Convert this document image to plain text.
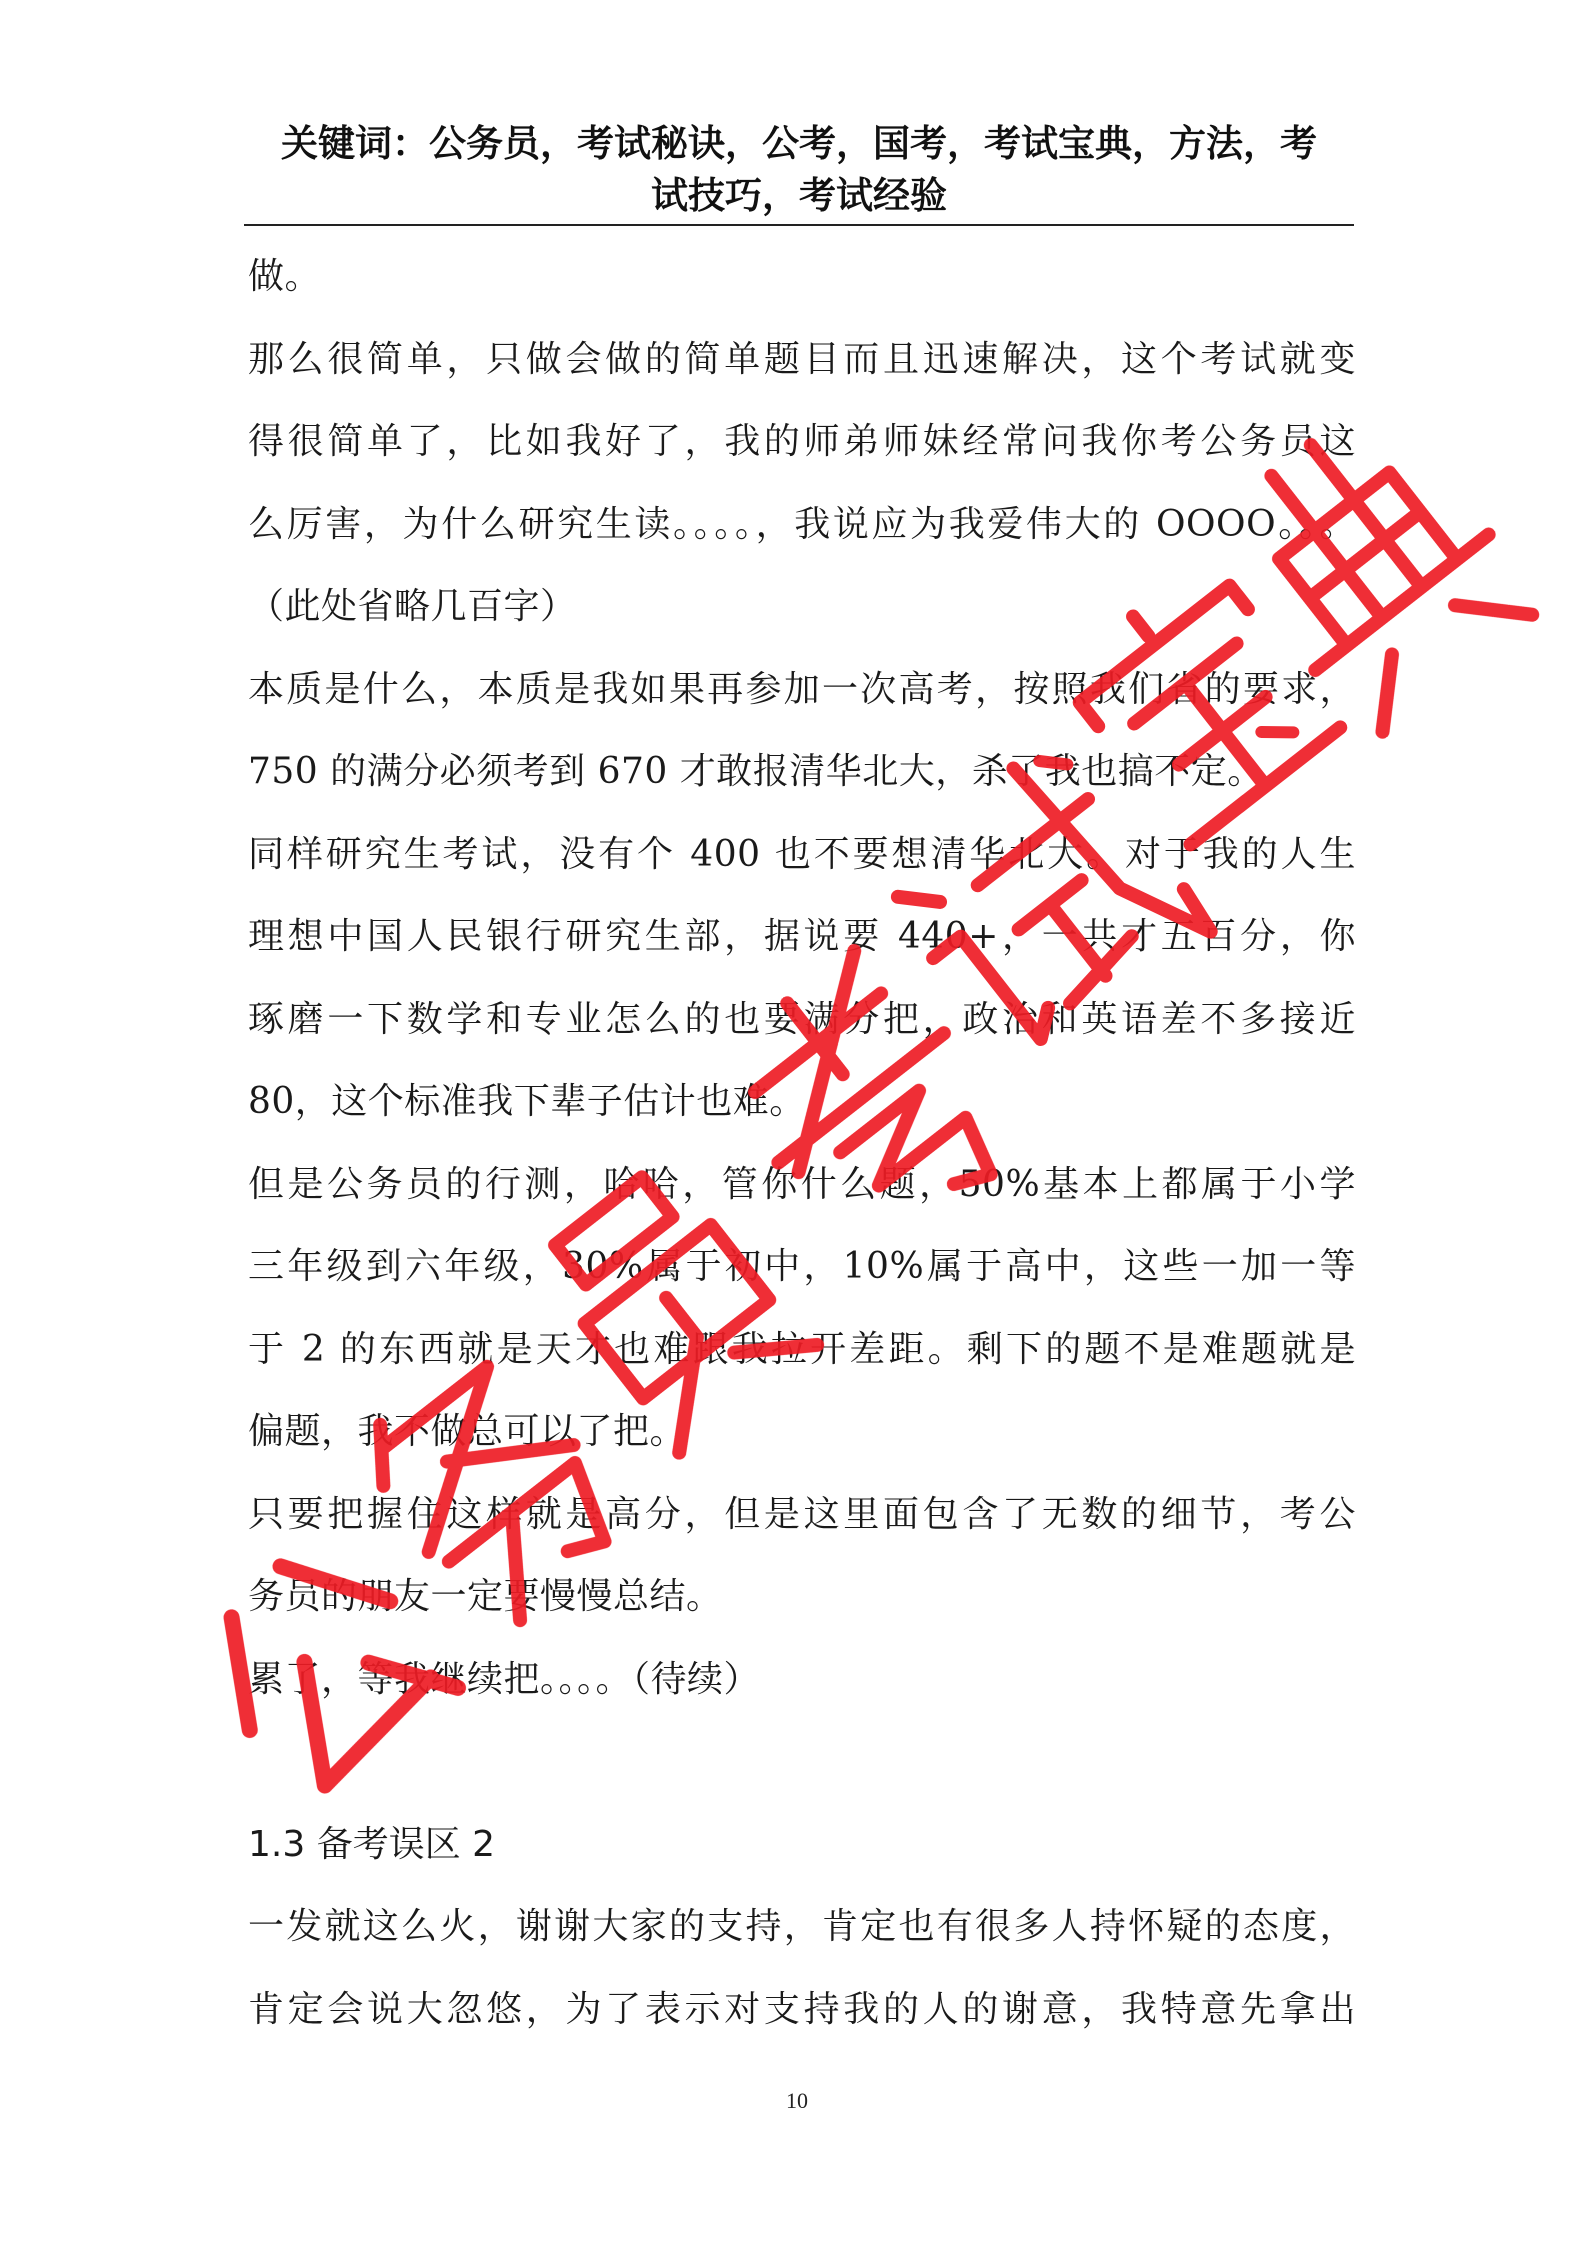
关键词：公务员，考试秘诀，公考，国考，考试宝典，方法，考
试技巧，考试经验
做。
那么很简单，只做会做的简单题目而且迅速解决，这个考试就变
得很简单了，比如我好了，我的师弟师妹经常问我你考公务员这
么厉害，为什么研究生读。。。。，我说应为我爱伟大的 OOOO。。。
（此处省略几百字）
本质是什么，本质是我如果再参加一次高考，按照我们省的要求，
750 的满分必须考到 670 才敢报清华北大，杀了我也搞不定。
同样研究生考试，没有个 400 也不要想清华北大。对于我的人生
理想中国人民银行研究生部，据说要 440+，一共才五百分，你
琢磨一下数学和专业怎么的也要满分把，政治和英语差不多接近
80，这个标准我下辈子估计也难。
但是公务员的行测，哈哈，管你什么题，50%基本上都属于小学
三年级到六年级，30%属于初中，10%属于高中，这些一加一等
于 2 的东西就是天才也难跟我拉开差距。剩下的题不是难题就是
偏题，我不做总可以了把。
只要把握住这样就是高分，但是这里面包含了无数的细节，考公
务员的朋友一定要慢慢总结。
累了，等我继续把。。。。（待续）
1.3 备考误区 2
一发就这么火，谢谢大家的支持，肯定也有很多人持怀疑的态度，
肯定会说大忽悠，为了表示对支持我的人的谢意，我特意先拿出
10
